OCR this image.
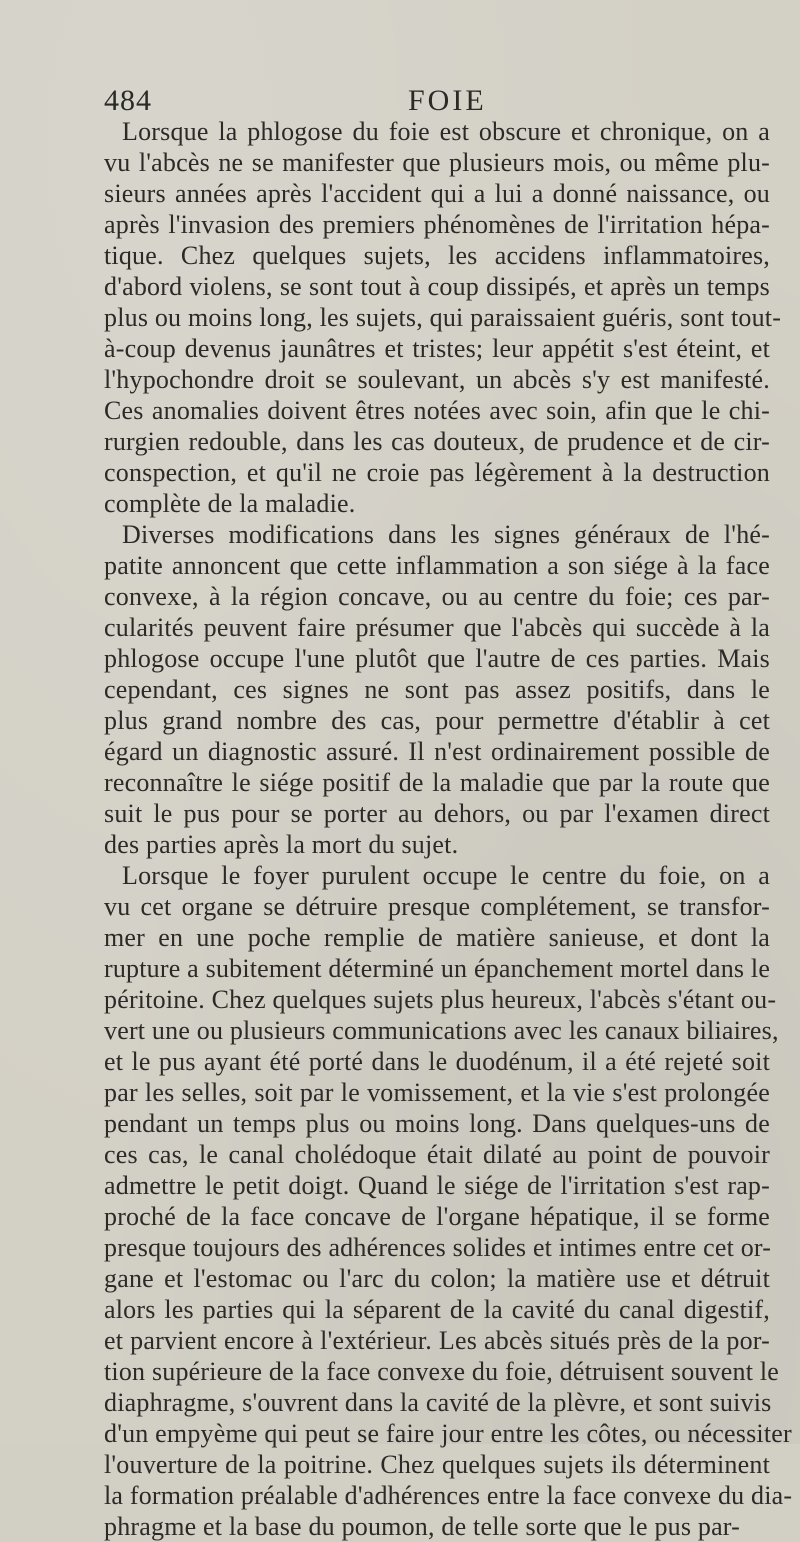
484	FOIE
Lorsque la phlogose du foie est obscure et chronique, on a
vu l'abcès ne se manifester que plusieurs mois, ou même plu-
sieurs années après l'accident qui a lui a donné naissance, ou
après l'invasion des premiers phénomènes de l'irritation hépa-
tique. Chez quelques sujets, les accidens inflammatoires,
d'abord violens, se sont tout à coup dissipés, et après un temps
plus ou moins long, les sujets, qui paraissaient guéris, sont tout-
à-coup devenus jaunâtres et tristes; leur appétit s'est éteint, et
l'hypochondre droit se soulevant, un abcès s'y est manifesté.
Ces anomalies doivent êtres notées avec soin, afin que le chi-
rurgien redouble, dans les cas douteux, de prudence et de cir-
conspection, et qu'il ne croie pas légèrement à la destruction
complète de la maladie.
Diverses modifications dans les signes généraux de l'hé-
patite annoncent que cette inflammation a son siége à la face
convexe, à la région concave, ou au centre du foie; ces par-
cularités peuvent faire présumer que l'abcès qui succède à la
phlogose occupe l'une plutôt que l'autre de ces parties. Mais
cependant, ces signes ne sont pas assez positifs, dans le
plus grand nombre des cas, pour permettre d'établir à cet
égard un diagnostic assuré. Il n'est ordinairement possible de
reconnaître le siége positif de la maladie que par la route que
suit le pus pour se porter au dehors, ou par l'examen direct
des parties après la mort du sujet.
Lorsque le foyer purulent occupe le centre du foie, on a
vu cet organe se détruire presque complétement, se transfor-
mer en une poche remplie de matière sanieuse, et dont la
rupture a subitement déterminé un épanchement mortel dans le
péritoine. Chez quelques sujets plus heureux, l'abcès s'étant ou-
vert une ou plusieurs communications avec les canaux biliaires,
et le pus ayant été porté dans le duodénum, il a été rejeté soit
par les selles, soit par le vomissement, et la vie s'est prolongée
pendant un temps plus ou moins long. Dans quelques-uns de
ces cas, le canal cholédoque était dilaté au point de pouvoir
admettre le petit doigt. Quand le siége de l'irritation s'est rap-
proché de la face concave de l'organe hépatique, il se forme
presque toujours des adhérences solides et intimes entre cet or-
gane et l'estomac ou l'arc du colon; la matière use et détruit
alors les parties qui la séparent de la cavité du canal digestif,
et parvient encore à l'extérieur. Les abcès situés près de la por-
tion supérieure de la face convexe du foie, détruisent souvent le
diaphragme, s'ouvrent dans la cavité de la plèvre, et sont suivis
d'un empyème qui peut se faire jour entre les côtes, ou nécessiter
l'ouverture de la poitrine. Chez quelques sujets ils déterminent
la formation préalable d'adhérences entre la face convexe du dia-
phragme et la base du poumon, de telle sorte que le pus par-
